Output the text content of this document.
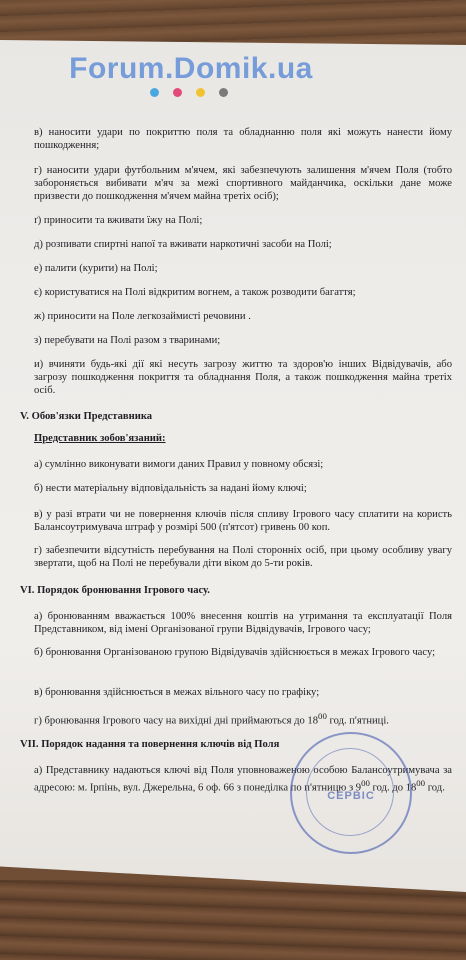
Forum.Domik.ua

в) наносити удари по покриттю поля та обладнанню поля які можуть нанести йому пошкодження;

г) наносити удари футбольним м'ячем, які забезпечують залишення м'ячем Поля (тобто забороняється вибивати м'яч за межі спортивного майданчика, оскільки дане може призвести до пошкодження м'ячем майна третіх осіб);

ґ) приносити та вживати їжу на Полі;

д) розпивати спиртні напої та вживати наркотичні засоби на Полі;

е) палити (курити) на Полі;

є) користуватися на Полі відкритим вогнем, а також розводити багаття;

ж) приносити на Поле легкозаймисті речовини .

з) перебувати на Полі разом з тваринами;

и) вчиняти будь-які дії які несуть загрозу життю та здоров'ю інших Відвідувачів, або загрозу пошкодження покриття та обладнання Поля, а також пошкодження майна третіх осіб.

V. Обов'язки Представника
Представник зобов'язаний:

а) сумлінно виконувати вимоги даних Правил у повному обсязі;

б) нести матеріальну відповідальність за надані йому ключі;

в) у разі втрати чи не повернення ключів після спливу Ігрового часу сплатити на користь Балансоутримувача штраф у розмірі 500 (п'ятсот) гривень 00 коп.

г) забезпечити відсутність перебування на Полі сторонніх осіб, при цьому особливу увагу звертати, щоб на Полі не перебували діти віком до 5-ти років.

VI. Порядок бронювання Ігрового часу.

а) бронюванням вважається 100% внесення коштів на утримання та експлуатації Поля Представником, від імені Організованої групи Відвідувачів, Ігрового часу;

б) бронювання Організованою групою Відвідувачів здійснюється в межах Ігрового часу;

в) бронювання здійснюється в межах вільного часу по графіку;

г) бронювання Ігрового часу на вихідні дні приймаються до $18^{00}$ год. п'ятниці.

VII. Порядок надання та повернення ключів від Поля

а) Представнику надаються ключі від Поля уповноваженою особою Балансоутримувача за адресою: м. Ірпінь, вул. Джерельна, 6 оф. 66 з понеділка по п'ятницю з $9^{00}$ год. до $18^{00}$ год.

СЕРВІС
